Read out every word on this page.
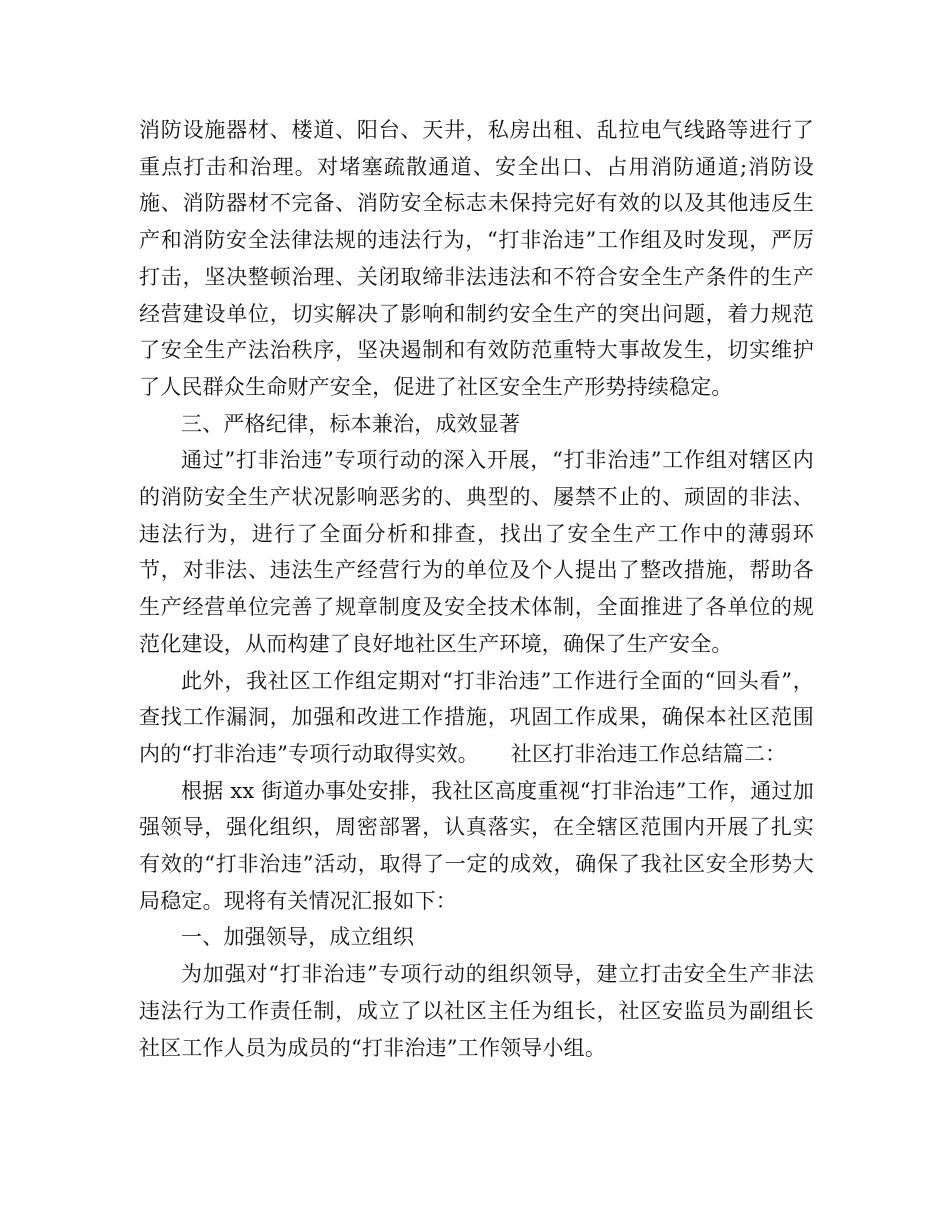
消防设施器材、楼道、阳台、天井，私房出租、乱拉电气线路等进行了重点打击和治理。对堵塞疏散通道、安全出口、占用消防通道;消防设施、消防器材不完备、消防安全标志未保持完好有效的以及其他违反生产和消防安全法律法规的违法行为，“打非治违”工作组及时发现，严厉打击，坚决整顿治理、关闭取缔非法违法和不符合安全生产条件的生产经营建设单位，切实解决了影响和制约安全生产的突出问题，着力规范了安全生产法治秩序，坚决遏制和有效防范重特大事故发生，切实维护了人民群众生命财产安全，促进了社区安全生产形势持续稳定。

三、严格纪律，标本兼治，成效显著

通过”打非治违”专项行动的深入开展，“打非治违”工作组对辖区内的消防安全生产状况影响恶劣的、典型的、屡禁不止的、顽固的非法、违法行为，进行了全面分析和排查，找出了安全生产工作中的薄弱环节，对非法、违法生产经营行为的单位及个人提出了整改措施，帮助各生产经营单位完善了规章制度及安全技术体制，全面推进了各单位的规范化建设，从而构建了良好地社区生产环境，确保了生产安全。

此外，我社区工作组定期对“打非治违”工作进行全面的“回头看”，查找工作漏洞，加强和改进工作措施，巩固工作成果，确保本社区范围内的“打非治违”专项行动取得实效。　　社区打非治违工作总结篇二：

根据 xx 街道办事处安排，我社区高度重视“打非治违”工作，通过加强领导，强化组织，周密部署，认真落实，在全辖区范围内开展了扎实有效的“打非治违”活动，取得了一定的成效，确保了我社区安全形势大局稳定。现将有关情况汇报如下：

一、加强领导，成立组织

为加强对“打非治违”专项行动的组织领导，建立打击安全生产非法违法行为工作责任制，成立了以社区主任为组长，社区安监员为副组长社区工作人员为成员的“打非治违”工作领导小组。
